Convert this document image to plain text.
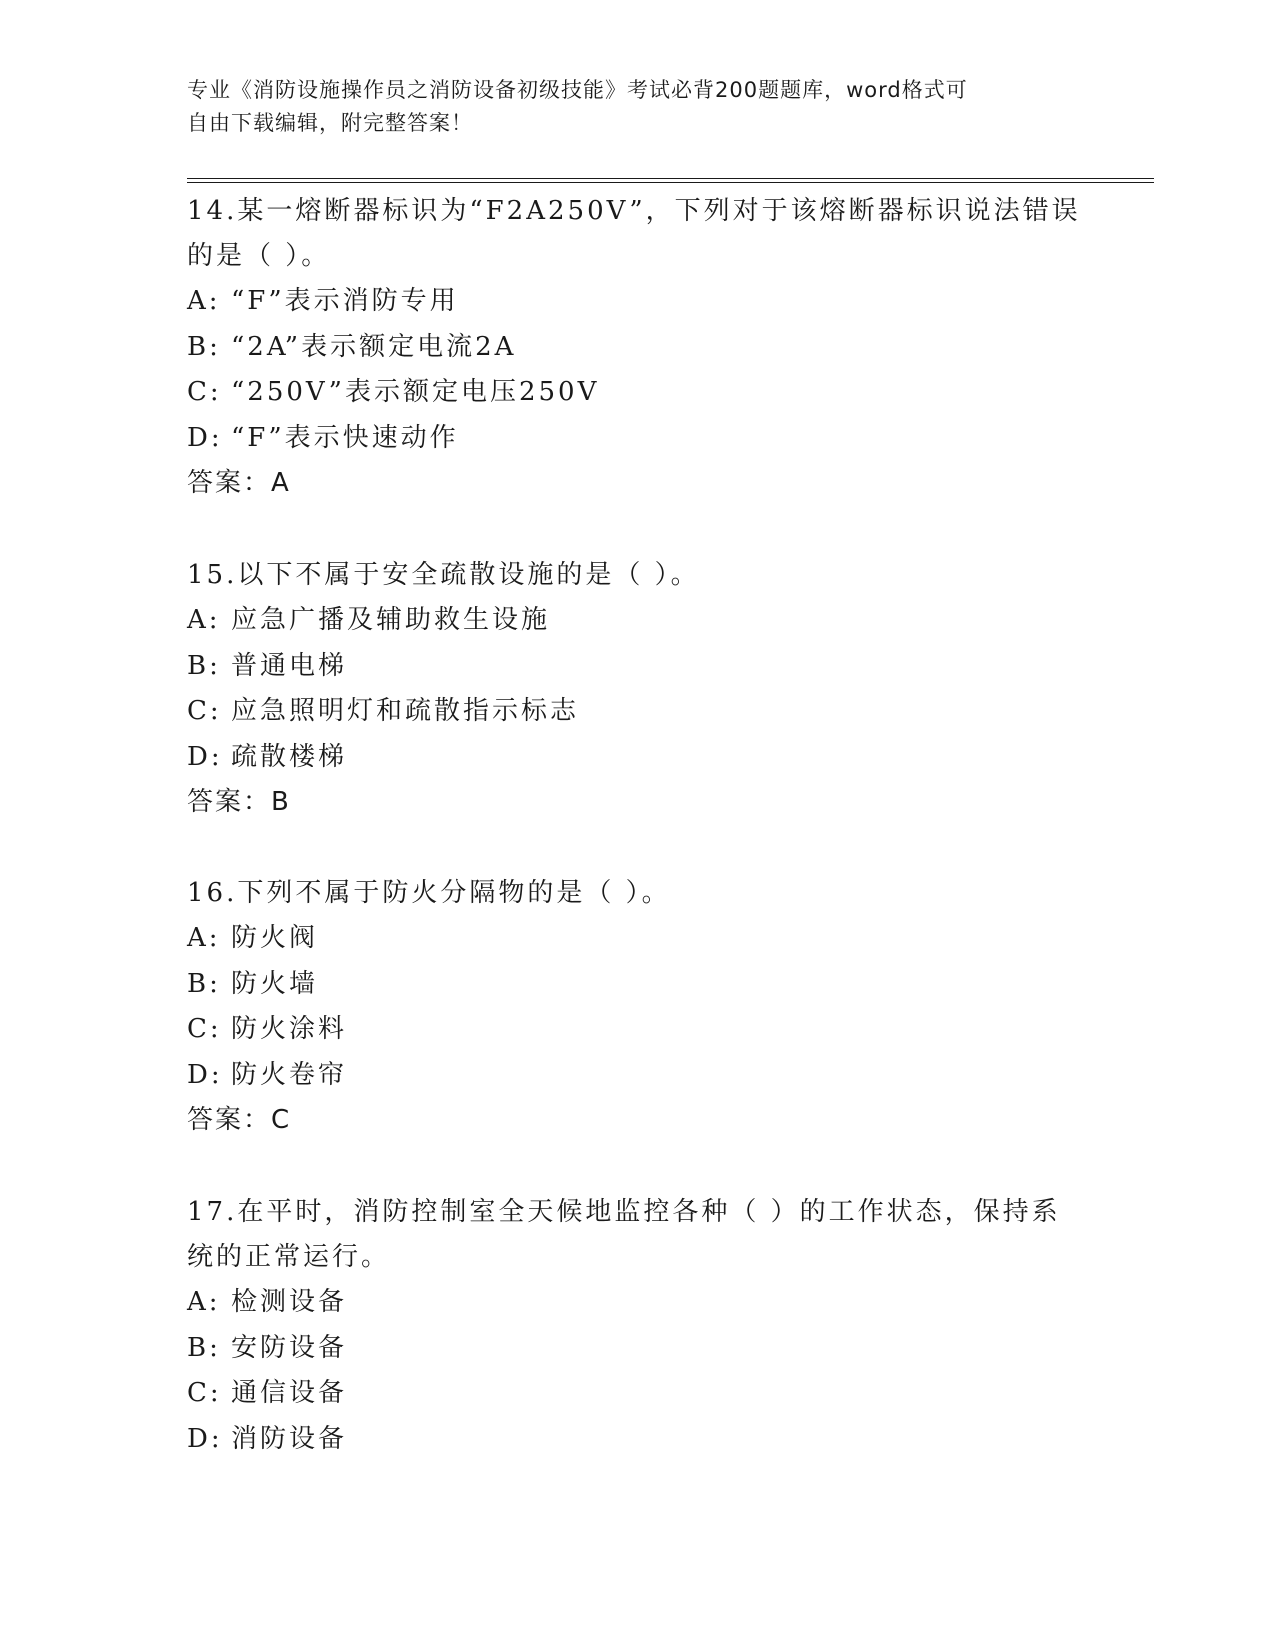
专业《消防设施操作员之消防设备初级技能》考试必背200题题库，word格式可
自由下载编辑，附完整答案！

14.某一熔断器标识为“F2A250V”，下列对于该熔断器标识说法错误

的是（ ）。

A: “F”表示消防专用

B: “2A”表示额定电流2A

C: “250V”表示额定电压250V

D: “F”表示快速动作

答案：A

15.以下不属于安全疏散设施的是（ ）。

A: 应急广播及辅助救生设施

B: 普通电梯

C: 应急照明灯和疏散指示标志

D: 疏散楼梯

答案：B

16.下列不属于防火分隔物的是（ ）。

A: 防火阀

B: 防火墙

C: 防火涂料

D: 防火卷帘

答案：C

17.在平时，消防控制室全天候地监控各种（ ）的工作状态，保持系

统的正常运行。

A: 检测设备

B: 安防设备

C: 通信设备

D: 消防设备
